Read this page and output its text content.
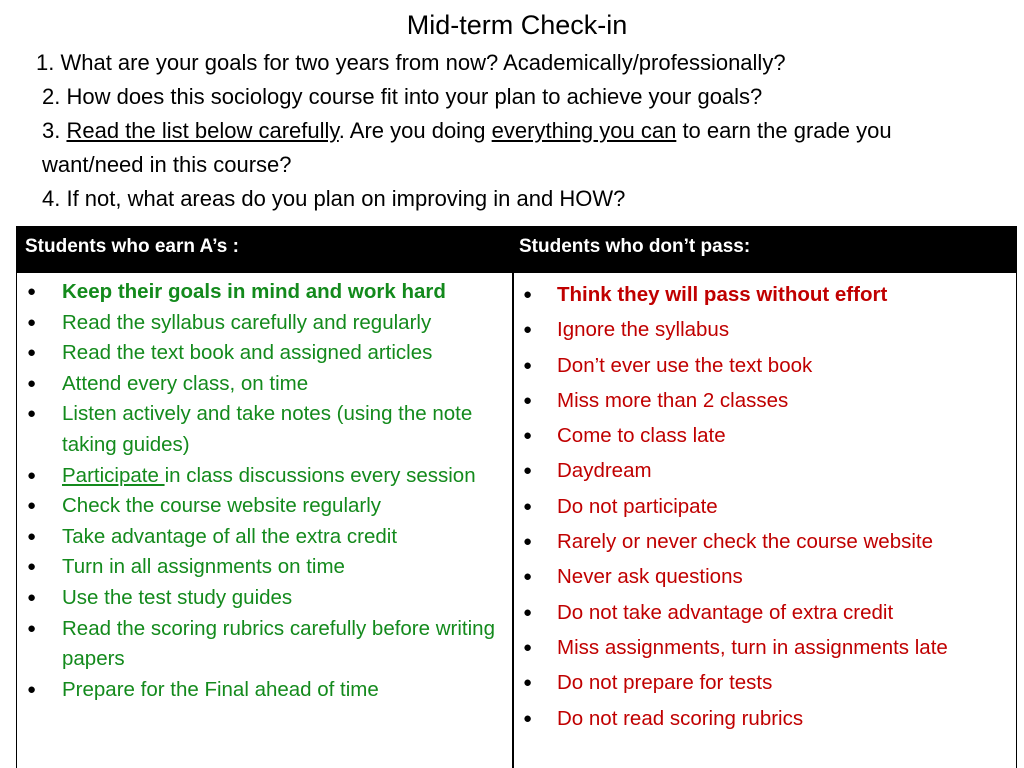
Mid-term Check-in
1. What are your goals for two years from now? Academically/professionally?
2. How does this sociology course fit into your plan to achieve your goals?
3. Read the list below carefully. Are you doing everything you can to earn the grade you want/need in this course?
4. If not, what areas do you plan on improving in and HOW?
Students who earn A’s :	Students who don’t pass:
● Keep their goals in mind and work hard
● Read the syllabus carefully and regularly
● Read the text book and assigned articles
● Attend every class, on time
● Listen actively and take notes (using the note taking guides)
● Participate in class discussions every session
● Check the course website regularly
● Take advantage of all the extra credit
● Turn in all assignments on time
● Use the test study guides
● Read the scoring rubrics carefully before writing papers
● Prepare for the Final ahead of time
● Think they will pass without effort
● Ignore the syllabus
● Don’t ever use the text book
● Miss more than 2 classes
● Come to class late
● Daydream
● Do not participate
● Rarely or never check the course website
● Never ask questions
● Do not take advantage of extra credit
● Miss assignments, turn in assignments late
● Do not prepare for tests
● Do not read scoring rubrics
